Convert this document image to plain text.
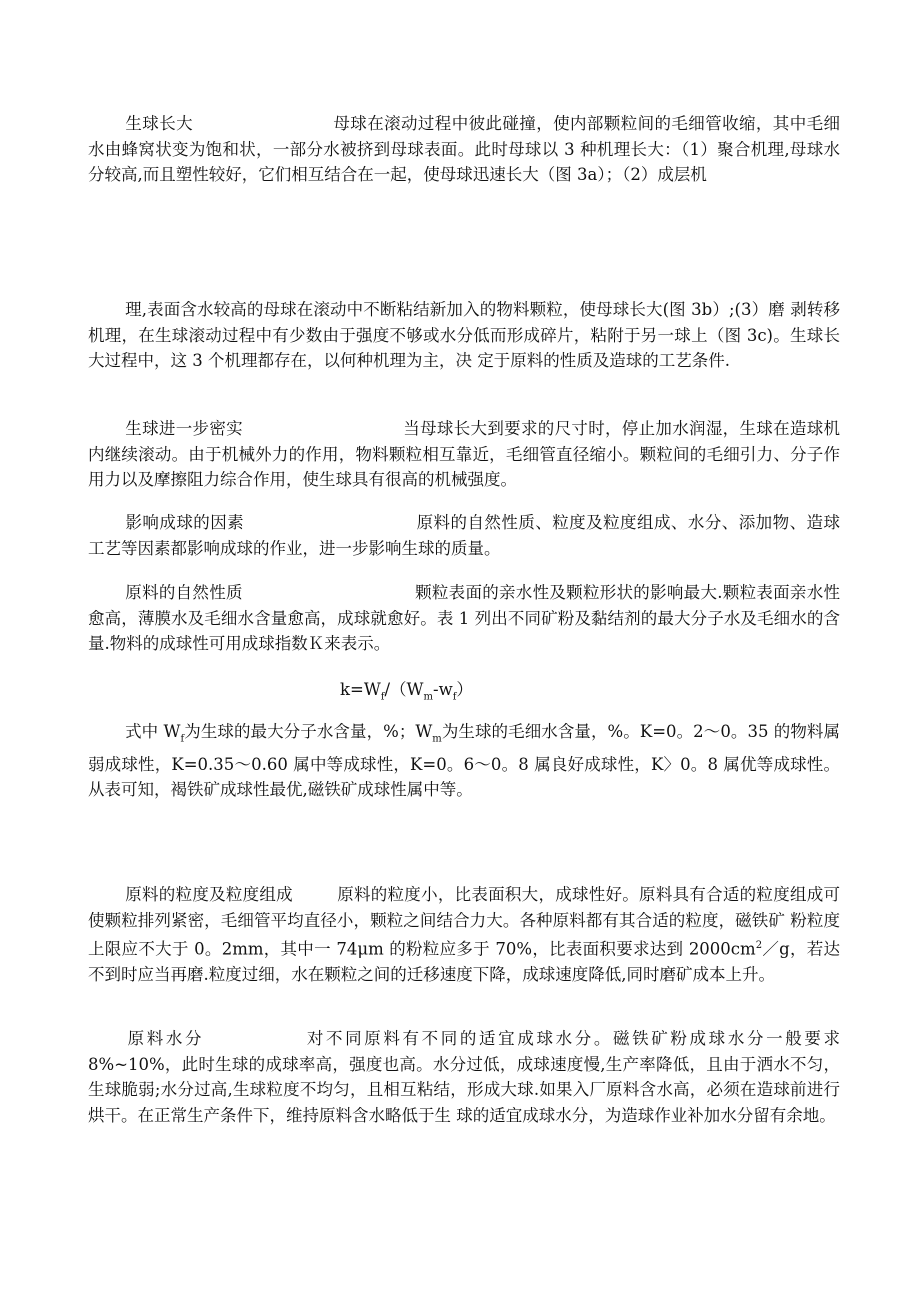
生球长大	母球在滚动过程中彼此碰撞，使内部颗粒间的毛细管收缩，其中毛细水由蜂窝状变为饱和状，一部分水被挤到母球表面。此时母球以 3 种机理长大：（1）聚合机理,母球水分较高,而且塑性较好，它们相互结合在一起，使母球迅速长大（图 3a）；（2）成层机

理,表面含水较高的母球在滚动中不断粘结新加入的物料颗粒，使母球长大(图 3b）;(3）磨 剥转移机理，在生球滚动过程中有少数由于强度不够或水分低而形成碎片，粘附于另一球上（图 3c)。生球长大过程中，这 3 个机理都存在，以何种机理为主，决 定于原料的性质及造球的工艺条件.

生球进一步密实	当母球长大到要求的尺寸时，停止加水润湿，生球在造球机内继续滚动。由于机械外力的作用，物料颗粒相互靠近，毛细管直径缩小。颗粒间的毛细引力、分子作用力以及摩擦阻力综合作用，使生球具有很高的机械强度。

影响成球的因素	原料的自然性质、粒度及粒度组成、水分、添加物、造球工艺等因素都影响成球的作业，进一步影响生球的质量。

原料的自然性质	颗粒表面的亲水性及颗粒形状的影响最大.颗粒表面亲水性愈高，薄膜水及毛细水含量愈高，成球就愈好。表 1 列出不同矿粉及黏结剂的最大分子水及毛细水的含量.物料的成球性可用成球指数Ｋ来表示。

$k=W_f/(W_m-w_f)$

式中 $W_f$为生球的最大分子水含量，%；$W_m$为生球的毛细水含量，%。K=0。2～0。35 的物料属弱成球性，K=0.35～0.60 属中等成球性，K=0。6～0。8 属良好成球性，K〉0。8 属优等成球性。从表可知，褐铁矿成球性最优,磁铁矿成球性属中等。

原料的粒度及粒度组成	原料的粒度小，比表面积大，成球性好。原料具有合适的粒度组成可使颗粒排列紧密，毛细管平均直径小，颗粒之间结合力大。各种原料都有其合适的粒度，磁铁矿 粉粒度上限应不大于 0。2mm，其中一 74μm 的粉粒应多于 70%，比表面积要求达到 $2000cm^2/g$，若达不到时应当再磨.粒度过细，水在颗粒之间的迁移速度下降，成球速度降低,同时磨矿成本上升。

原料水分	对不同原料有不同的适宜成球水分。磁铁矿粉成球水分一般要求 8%~10%，此时生球的成球率高，强度也高。水分过低，成球速度慢,生产率降低，且由于洒水不匀，生球脆弱;水分过高,生球粒度不均匀，且相互粘结，形成大球.如果入厂原料含水高，必须在造球前进行烘干。在正常生产条件下，维持原料含水略低于生 球的适宜成球水分，为造球作业补加水分留有余地。
